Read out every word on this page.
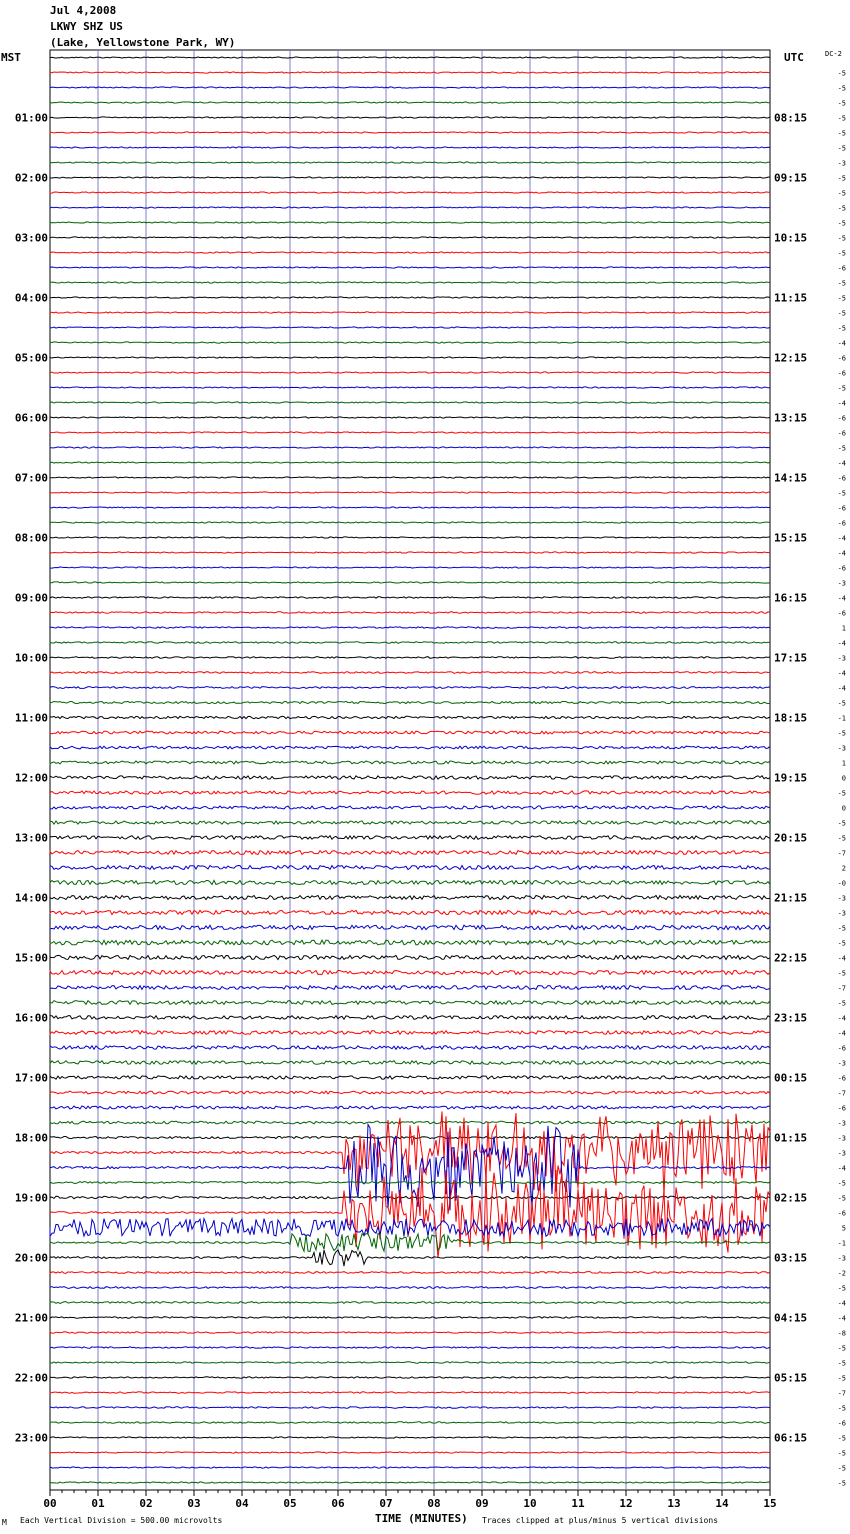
Jul 4,2008
LKWY SHZ US
(Lake, Yellowstone Park, WY)
MST	UTC
01:00	08:15
02:00	09:15
03:00	10:15
04:00	11:15
05:00	12:15
06:00	13:15
07:00	14:15
08:00	15:15
09:00	16:15
10:00	17:15
11:00	18:15
12:00	19:15
13:00	20:15
14:00	21:15
15:00	22:15
16:00	23:15
17:00	00:15
18:00	01:15
19:00	02:15
20:00	03:15
21:00	04:15
22:00	05:15
23:00	06:15
DC-2
-5
-5
-5
-5
-5
-5
-3
-5
-5
-5
-5
-5
-5
-6
-5
-5
-5
-5
-4
-6
-6
-5
-4
-6
-6
-5
-4
-6
-5
-6
-6
-4
-4
-6
-3
-4
-6
1
-4
-3
-4
-4
-5
-1
-5
-3
1
0
-5
0
-5
-5
-7
2
-0
-3
-3
-5
-5
-4
-5
-7
-5
-4
-4
-6
-3
-6
-7
-6
-3
-3
-3
-4
-5
-5
-6
5
-1
-3
-2
-5
-4
-4
-8
-5
-5
-5
-7
-5
-6
-5
-5
-5
-5
00	01	02	03	04	05	06	07	08	09	10	11	12	13	14	15
TIME (MINUTES)
M Each Vertical Division = 500.00 microvolts	Traces clipped at plus/minus 5 vertical divisions
